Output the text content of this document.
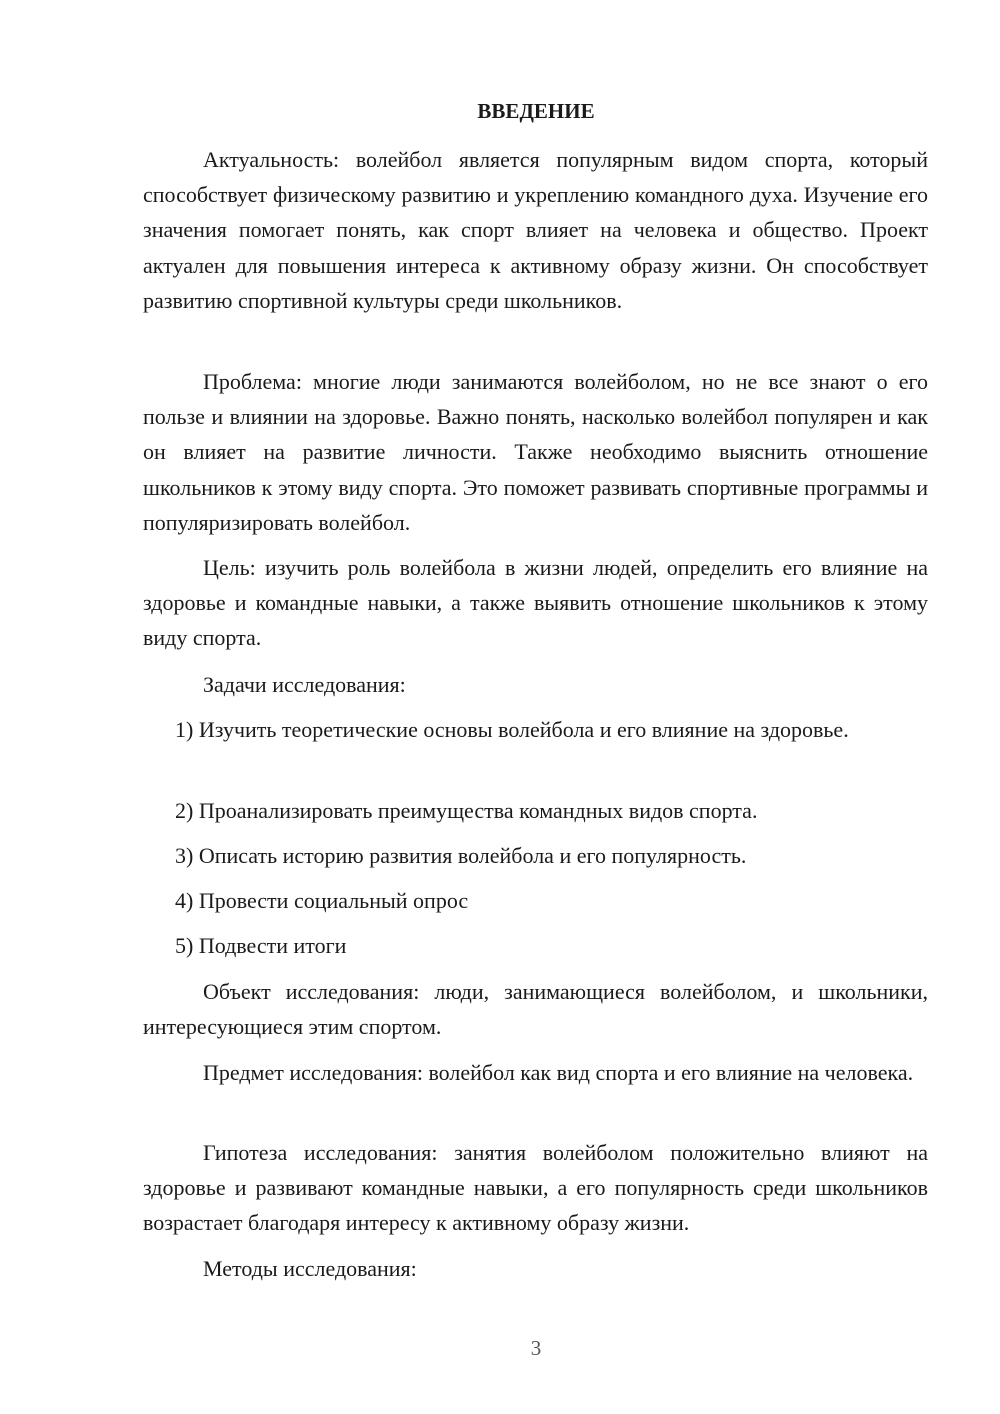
ВВЕДЕНИЕ

Актуальность: волейбол является популярным видом спорта, который способствует физическому развитию и укреплению командного духа. Изучение его значения помогает понять, как спорт влияет на человека и общество. Проект актуален для повышения интереса к активному образу жизни. Он способствует развитию спортивной культуры среди школьников.

Проблема: многие люди занимаются волейболом, но не все знают о его пользе и влиянии на здоровье. Важно понять, насколько волейбол популярен и как он влияет на развитие личности. Также необходимо выяснить отношение школьников к этому виду спорта. Это поможет развивать спортивные программы и популяризировать волейбол.

Цель: изучить роль волейбола в жизни людей, определить его влияние на здоровье и командные навыки, а также выявить отношение школьников к этому виду спорта.

Задачи исследования:

1) Изучить теоретические основы волейбола и его влияние на здоровье.

2) Проанализировать преимущества командных видов спорта.

3) Описать историю развития волейбола и его популярность.

4) Провести социальный опрос

5) Подвести итоги

Объект исследования: люди, занимающиеся волейболом, и школьники, интересующиеся этим спортом.

Предмет исследования: волейбол как вид спорта и его влияние на человека.

Гипотеза исследования: занятия волейболом положительно влияют на здоровье и развивают командные навыки, а его популярность среди школьников возрастает благодаря интересу к активному образу жизни.

Методы исследования:

3
